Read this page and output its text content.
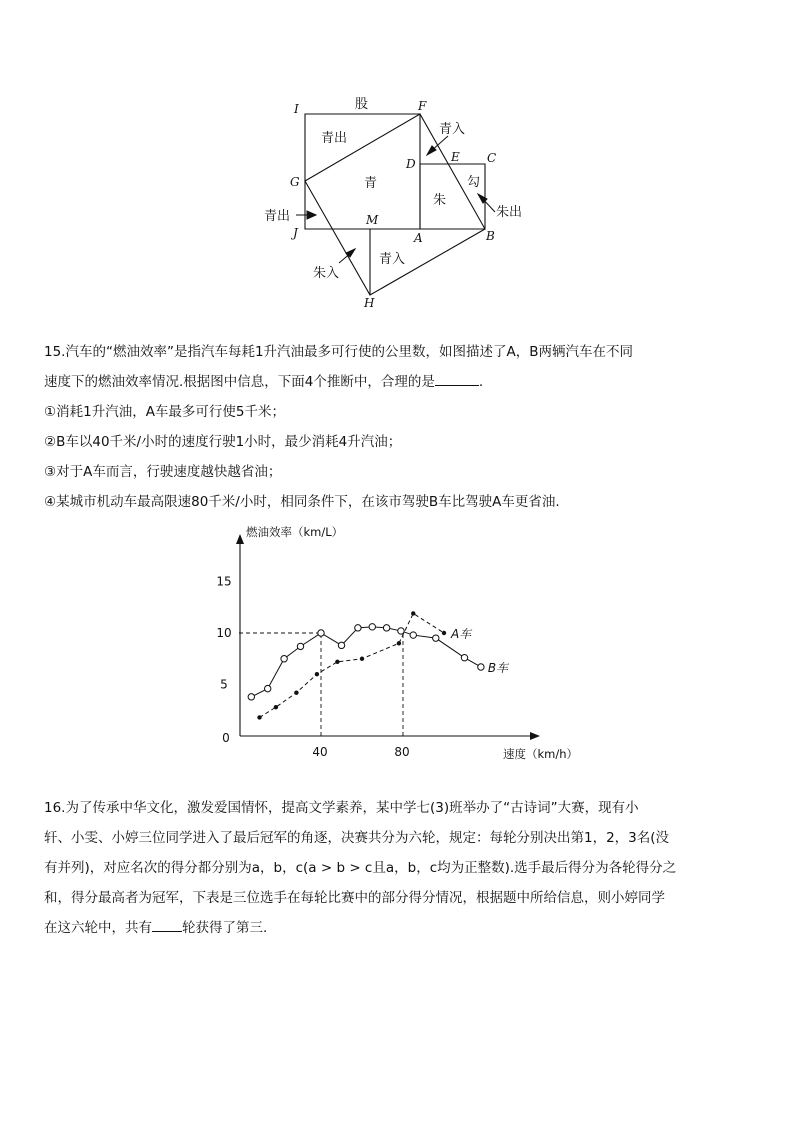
I	F
G
J
M
A	B
H
D	E C
股
青出
青
青入
朱
勾
朱出
青出
朱入
青入
15.汽车的“燃油效率”是指汽车每耗1升汽油最多可行使的公里数，如图描述了A，B两辆汽车在不同
速度下的燃油效率情况.根据图中信息，下面4个推断中，合理的是	.
①消耗1升汽油，A车最多可行使5千米；
②B车以40千米/小时的速度行驶1小时，最少消耗4升汽油；
③对于A车而言，行驶速度越快越省油；
④某城市机动车最高限速80千米/小时，相同条件下，在该市驾驶B车比驾驶A车更省油.
燃油效率（km/L）
速度（km/h）
0
5
10
15
40	80
A车
B车
16.为了传承中华文化，激发爱国情怀，提高文学素养，某中学七(3)班举办了“古诗词”大赛，现有小
轩、小雯、小婷三位同学进入了最后冠军的角逐，决赛共分为六轮，规定：每轮分别决出第1，2，3名(没
有并列)，对应名次的得分都分别为a，b，c(a > b > c且a，b，c均为正整数).选手最后得分为各轮得分之
和，得分最高者为冠军，下表是三位选手在每轮比赛中的部分得分情况，根据题中所给信息，则小婷同学
在这六轮中，共有 轮获得了第三.
